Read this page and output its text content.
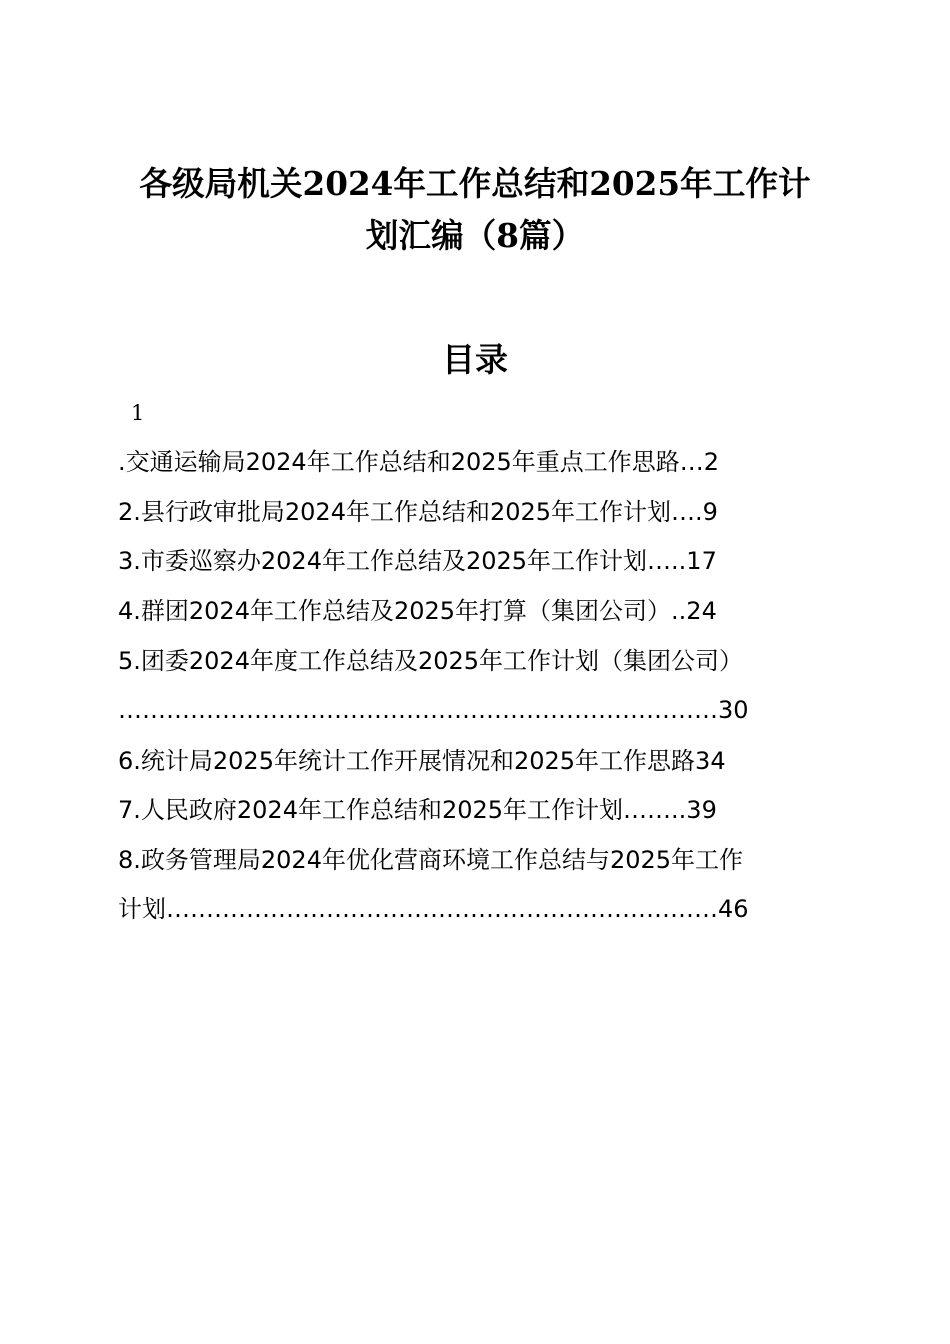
各级局机关2024年工作总结和2025年工作计
划汇编（8篇）
目录
1
.交通运输局2024年工作总结和2025年重点工作思路…2
2.县行政审批局2024年工作总结和2025年工作计划….9
3.市委巡察办2024年工作总结及2025年工作计划…..17
4.群团2024年工作总结及2025年打算（集团公司）..24
5.团委2024年度工作总结及2025年工作计划（集团公司）
…………………………………………………………………30
6.统计局2025年统计工作开展情况和2025年工作思路34
7.人民政府2024年工作总结和2025年工作计划……..39
8.政务管理局2024年优化营商环境工作总结与2025年工作
计划……………………………………………………………46
